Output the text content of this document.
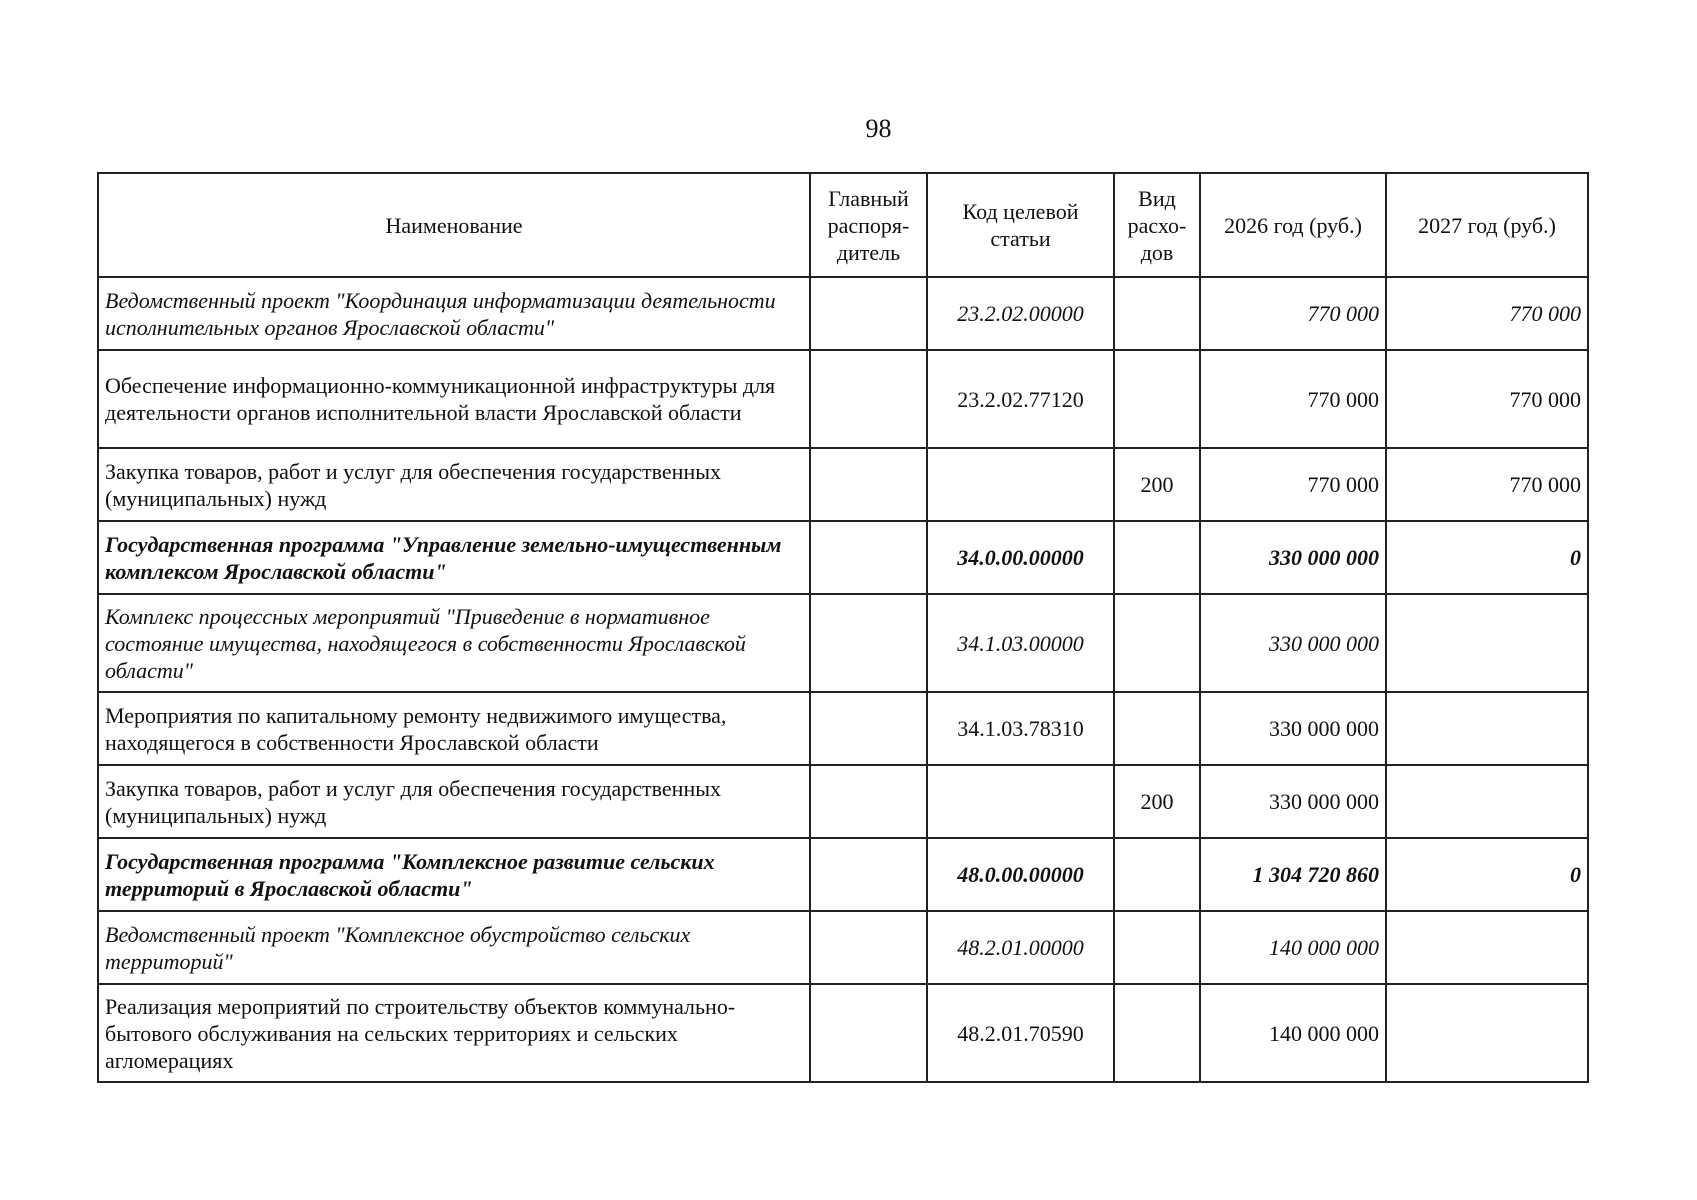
98
Наименование	Главный распоря-дитель	Код целевой статьи	Вид расхо-дов	2026 год (руб.)	2027 год (руб.)
Ведомственный проект "Координация информатизации деятельности исполнительных органов Ярославской области"		23.2.02.00000		770 000	770 000
Обеспечение информационно-коммуникационной инфраструктуры для деятельности органов исполнительной власти Ярославской области		23.2.02.77120		770 000	770 000
Закупка товаров, работ и услуг для обеспечения государственных (муниципальных) нужд			200	770 000	770 000
Государственная программа "Управление земельно-имущественным комплексом Ярославской области"		34.0.00.00000		330 000 000	0
Комплекс процессных мероприятий "Приведение в нормативное состояние имущества, находящегося в собственности Ярославской области"		34.1.03.00000		330 000 000	
Мероприятия по капитальному ремонту недвижимого имущества, находящегося в собственности Ярославской области		34.1.03.78310		330 000 000	
Закупка товаров, работ и услуг для обеспечения государственных (муниципальных) нужд			200	330 000 000	
Государственная программа "Комплексное развитие сельских территорий в Ярославской области"		48.0.00.00000		1 304 720 860	0
Ведомственный проект "Комплексное обустройство сельских территорий"		48.2.01.00000		140 000 000	
Реализация мероприятий по строительству объектов коммунально-бытового обслуживания на сельских территориях и сельских агломерациях		48.2.01.70590		140 000 000	
